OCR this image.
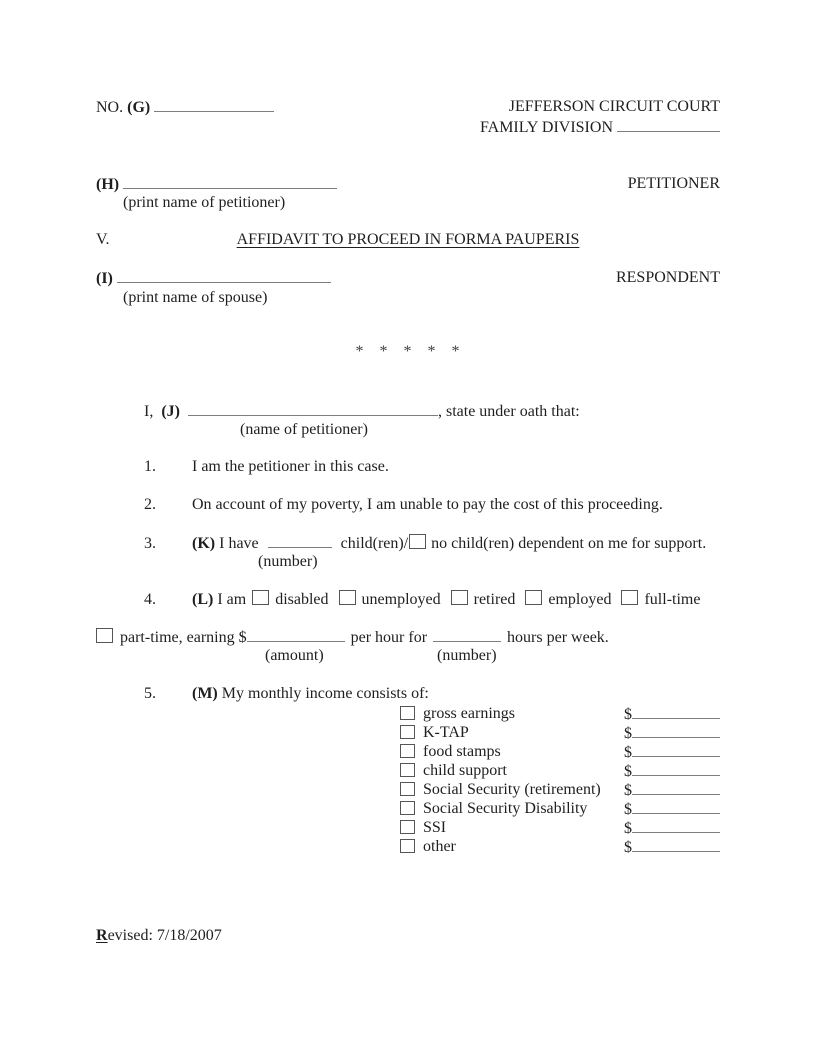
NO. (G)	JEFFERSON CIRCUIT COURT
FAMILY DIVISION
(H)	PETITIONER
(print name of petitioner)
V.	AFFIDAVIT TO PROCEED IN FORMA PAUPERIS
(I)	RESPONDENT
(print name of spouse)
* * * * *
I, (J)	, state under oath that:
(name of petitioner)
1. I am the petitioner in this case.
2. On account of my poverty, I am unable to pay the cost of this proceeding.
3. (K) I have	child(ren)/ no child(ren) dependent on me for support.
(number)
4. (L) I am disabled unemployed retired employed full-time
part-time, earning $	per hour for	hours per week.
(amount)	(number)
5. (M) My monthly income consists of:
gross earnings	$
K-TAP	$
food stamps	$
child support	$
Social Security (retirement) $
Social Security Disability $
SSI	$
other	$
Revised: 7/18/2007
